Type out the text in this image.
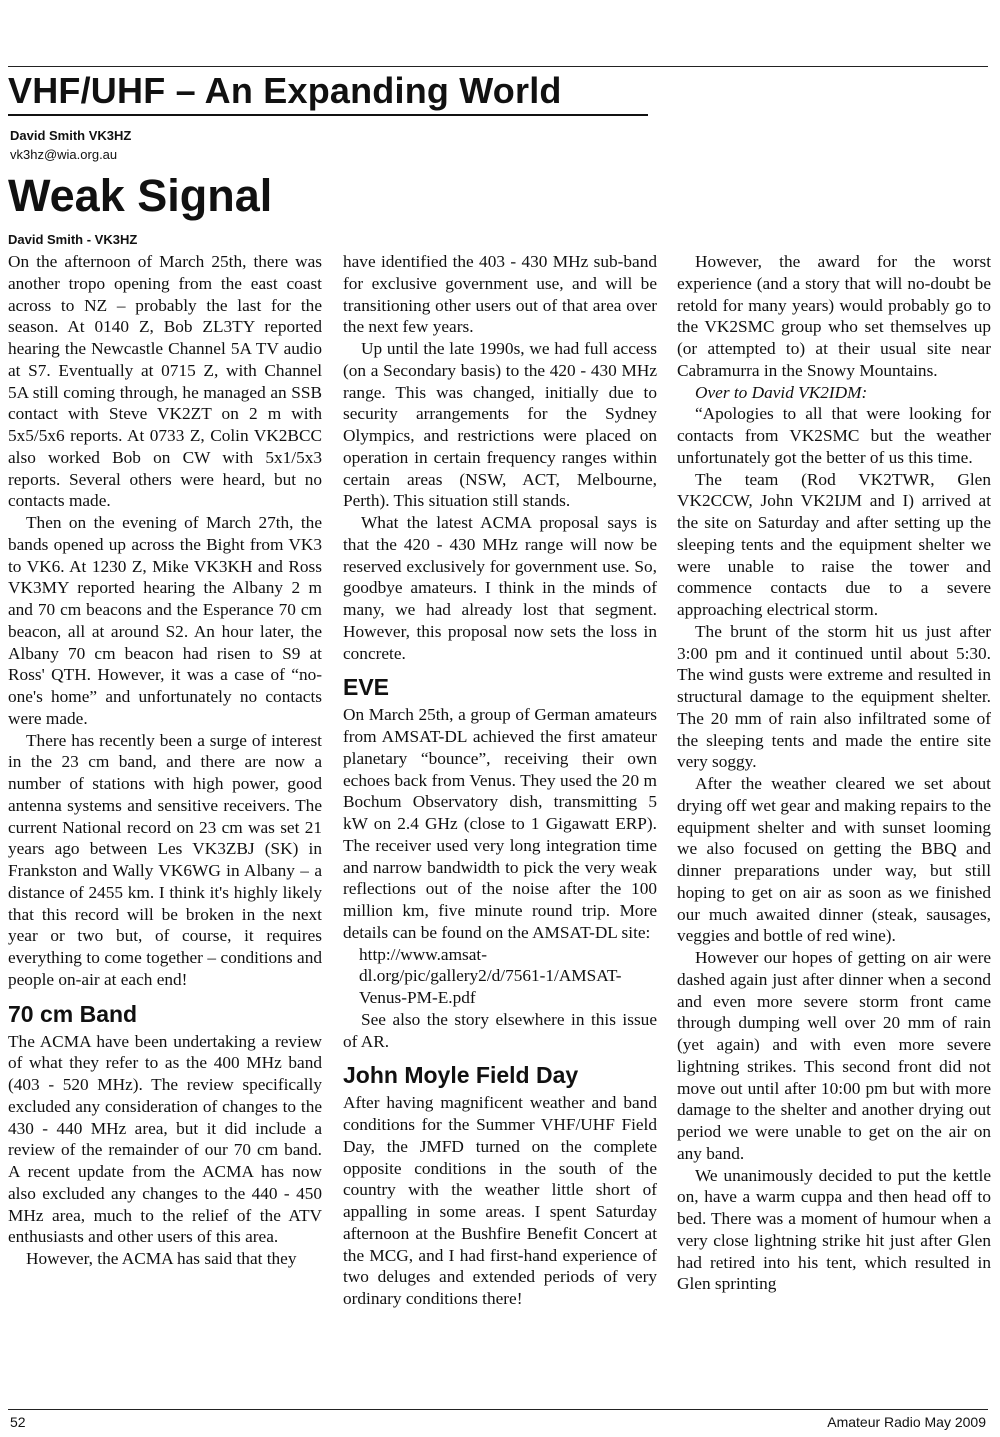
VHF/UHF – An Expanding World
David Smith VK3HZ
vk3hz@wia.org.au
Weak Signal
David Smith - VK3HZ

On the afternoon of March 25th, there was another tropo opening from the east coast across to NZ – probably the last for the season. At 0140 Z, Bob ZL3TY reported hearing the Newcastle Channel 5A TV audio at S7. Eventually at 0715 Z, with Channel 5A still coming through, he managed an SSB contact with Steve VK2ZT on 2 m with 5x5/5x6 reports. At 0733 Z, Colin VK2BCC also worked Bob on CW with 5x1/5x3 reports. Several others were heard, but no contacts made.

Then on the evening of March 27th, the bands opened up across the Bight from VK3 to VK6. At 1230 Z, Mike VK3KH and Ross VK3MY reported hearing the Albany 2 m and 70 cm beacons and the Esperance 70 cm beacon, all at around S2. An hour later, the Albany 70 cm beacon had risen to S9 at Ross' QTH. However, it was a case of “no-one's home” and unfortunately no contacts were made.

There has recently been a surge of interest in the 23 cm band, and there are now a number of stations with high power, good antenna systems and sensitive receivers. The current National record on 23 cm was set 21 years ago between Les VK3ZBJ (SK) in Frankston and Wally VK6WG in Albany – a distance of 2455 km. I think it's highly likely that this record will be broken in the next year or two but, of course, it requires everything to come together – conditions and people on-air at each end!

70 cm Band

The ACMA have been undertaking a review of what they refer to as the 400 MHz band (403 - 520 MHz). The review specifically excluded any consideration of changes to the 430 - 440 MHz area, but it did include a review of the remainder of our 70 cm band. A recent update from the ACMA has now also excluded any changes to the 440 - 450 MHz area, much to the relief of the ATV enthusiasts and other users of this area.

However, the ACMA has said that they

have identified the 403 - 430 MHz sub-band for exclusive government use, and will be transitioning other users out of that area over the next few years.

Up until the late 1990s, we had full access (on a Secondary basis) to the 420 - 430 MHz range. This was changed, initially due to security arrangements for the Sydney Olympics, and restrictions were placed on operation in certain frequency ranges within certain areas (NSW, ACT, Melbourne, Perth). This situation still stands.

What the latest ACMA proposal says is that the 420 - 430 MHz range will now be reserved exclusively for government use. So, goodbye amateurs. I think in the minds of many, we had already lost that segment. However, this proposal now sets the loss in concrete.

EVE

On March 25th, a group of German amateurs from AMSAT-DL achieved the first amateur planetary “bounce”, receiving their own echoes back from Venus. They used the 20 m Bochum Observatory dish, transmitting 5 kW on 2.4 GHz (close to 1 Gigawatt ERP). The receiver used very long integration time and narrow bandwidth to pick the very weak reflections out of the noise after the 100 million km, five minute round trip. More details can be found on the AMSAT-DL site:

http://www.amsat-dl.org/pic/gallery2/d/7561-1/AMSAT-Venus-PM-E.pdf

See also the story elsewhere in this issue of AR.

John Moyle Field Day

After having magnificent weather and band conditions for the Summer VHF/UHF Field Day, the JMFD turned on the complete opposite conditions in the south of the country with the weather little short of appalling in some areas. I spent Saturday afternoon at the Bushfire Benefit Concert at the MCG, and I had first-hand experience of two deluges and extended periods of very ordinary conditions there!

However, the award for the worst experience (and a story that will no-doubt be retold for many years) would probably go to the VK2SMC group who set themselves up (or attempted to) at their usual site near Cabramurra in the Snowy Mountains.

Over to David VK2IDM:

“Apologies to all that were looking for contacts from VK2SMC but the weather unfortunately got the better of us this time.

The team (Rod VK2TWR, Glen VK2CCW, John VK2IJM and I) arrived at the site on Saturday and after setting up the sleeping tents and the equipment shelter we were unable to raise the tower and commence contacts due to a severe approaching electrical storm.

The brunt of the storm hit us just after 3:00 pm and it continued until about 5:30. The wind gusts were extreme and resulted in structural damage to the equipment shelter. The 20 mm of rain also infiltrated some of the sleeping tents and made the entire site very soggy.

After the weather cleared we set about drying off wet gear and making repairs to the equipment shelter and with sunset looming we also focused on getting the BBQ and dinner preparations under way, but still hoping to get on air as soon as we finished our much awaited dinner (steak, sausages, veggies and bottle of red wine).

However our hopes of getting on air were dashed again just after dinner when a second and even more severe storm front came through dumping well over 20 mm of rain (yet again) and with even more severe lightning strikes. This second front did not move out until after 10:00 pm but with more damage to the shelter and another drying out period we were unable to get on the air on any band.

We unanimously decided to put the kettle on, have a warm cuppa and then head off to bed. There was a moment of humour when a very close lightning strike hit just after Glen had retired into his tent, which resulted in Glen sprinting

52	Amateur Radio May 2009
